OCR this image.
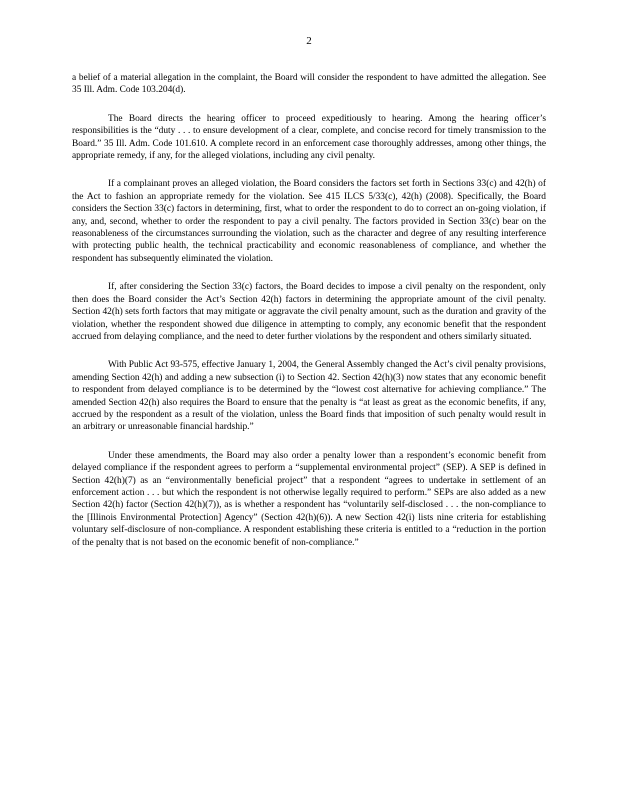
2

a belief of a material allegation in the complaint, the Board will consider the respondent to have admitted the allegation. See 35 Ill. Adm. Code 103.204(d).

The Board directs the hearing officer to proceed expeditiously to hearing. Among the hearing officer’s responsibilities is the “duty . . . to ensure development of a clear, complete, and concise record for timely transmission to the Board.” 35 Ill. Adm. Code 101.610. A complete record in an enforcement case thoroughly addresses, among other things, the appropriate remedy, if any, for the alleged violations, including any civil penalty.

If a complainant proves an alleged violation, the Board considers the factors set forth in Sections 33(c) and 42(h) of the Act to fashion an appropriate remedy for the violation. See 415 ILCS 5/33(c), 42(h) (2008). Specifically, the Board considers the Section 33(c) factors in determining, first, what to order the respondent to do to correct an on-going violation, if any, and, second, whether to order the respondent to pay a civil penalty. The factors provided in Section 33(c) bear on the reasonableness of the circumstances surrounding the violation, such as the character and degree of any resulting interference with protecting public health, the technical practicability and economic reasonableness of compliance, and whether the respondent has subsequently eliminated the violation.

If, after considering the Section 33(c) factors, the Board decides to impose a civil penalty on the respondent, only then does the Board consider the Act’s Section 42(h) factors in determining the appropriate amount of the civil penalty. Section 42(h) sets forth factors that may mitigate or aggravate the civil penalty amount, such as the duration and gravity of the violation, whether the respondent showed due diligence in attempting to comply, any economic benefit that the respondent accrued from delaying compliance, and the need to deter further violations by the respondent and others similarly situated.

With Public Act 93-575, effective January 1, 2004, the General Assembly changed the Act’s civil penalty provisions, amending Section 42(h) and adding a new subsection (i) to Section 42. Section 42(h)(3) now states that any economic benefit to respondent from delayed compliance is to be determined by the “lowest cost alternative for achieving compliance.” The amended Section 42(h) also requires the Board to ensure that the penalty is “at least as great as the economic benefits, if any, accrued by the respondent as a result of the violation, unless the Board finds that imposition of such penalty would result in an arbitrary or unreasonable financial hardship.”

Under these amendments, the Board may also order a penalty lower than a respondent’s economic benefit from delayed compliance if the respondent agrees to perform a “supplemental environmental project” (SEP). A SEP is defined in Section 42(h)(7) as an “environmentally beneficial project” that a respondent “agrees to undertake in settlement of an enforcement action . . . but which the respondent is not otherwise legally required to perform.” SEPs are also added as a new Section 42(h) factor (Section 42(h)(7)), as is whether a respondent has “voluntarily self-disclosed . . . the non-compliance to the [Illinois Environmental Protection] Agency” (Section 42(h)(6)). A new Section 42(i) lists nine criteria for establishing voluntary self-disclosure of non-compliance. A respondent establishing these criteria is entitled to a “reduction in the portion of the penalty that is not based on the economic benefit of non-compliance.”
